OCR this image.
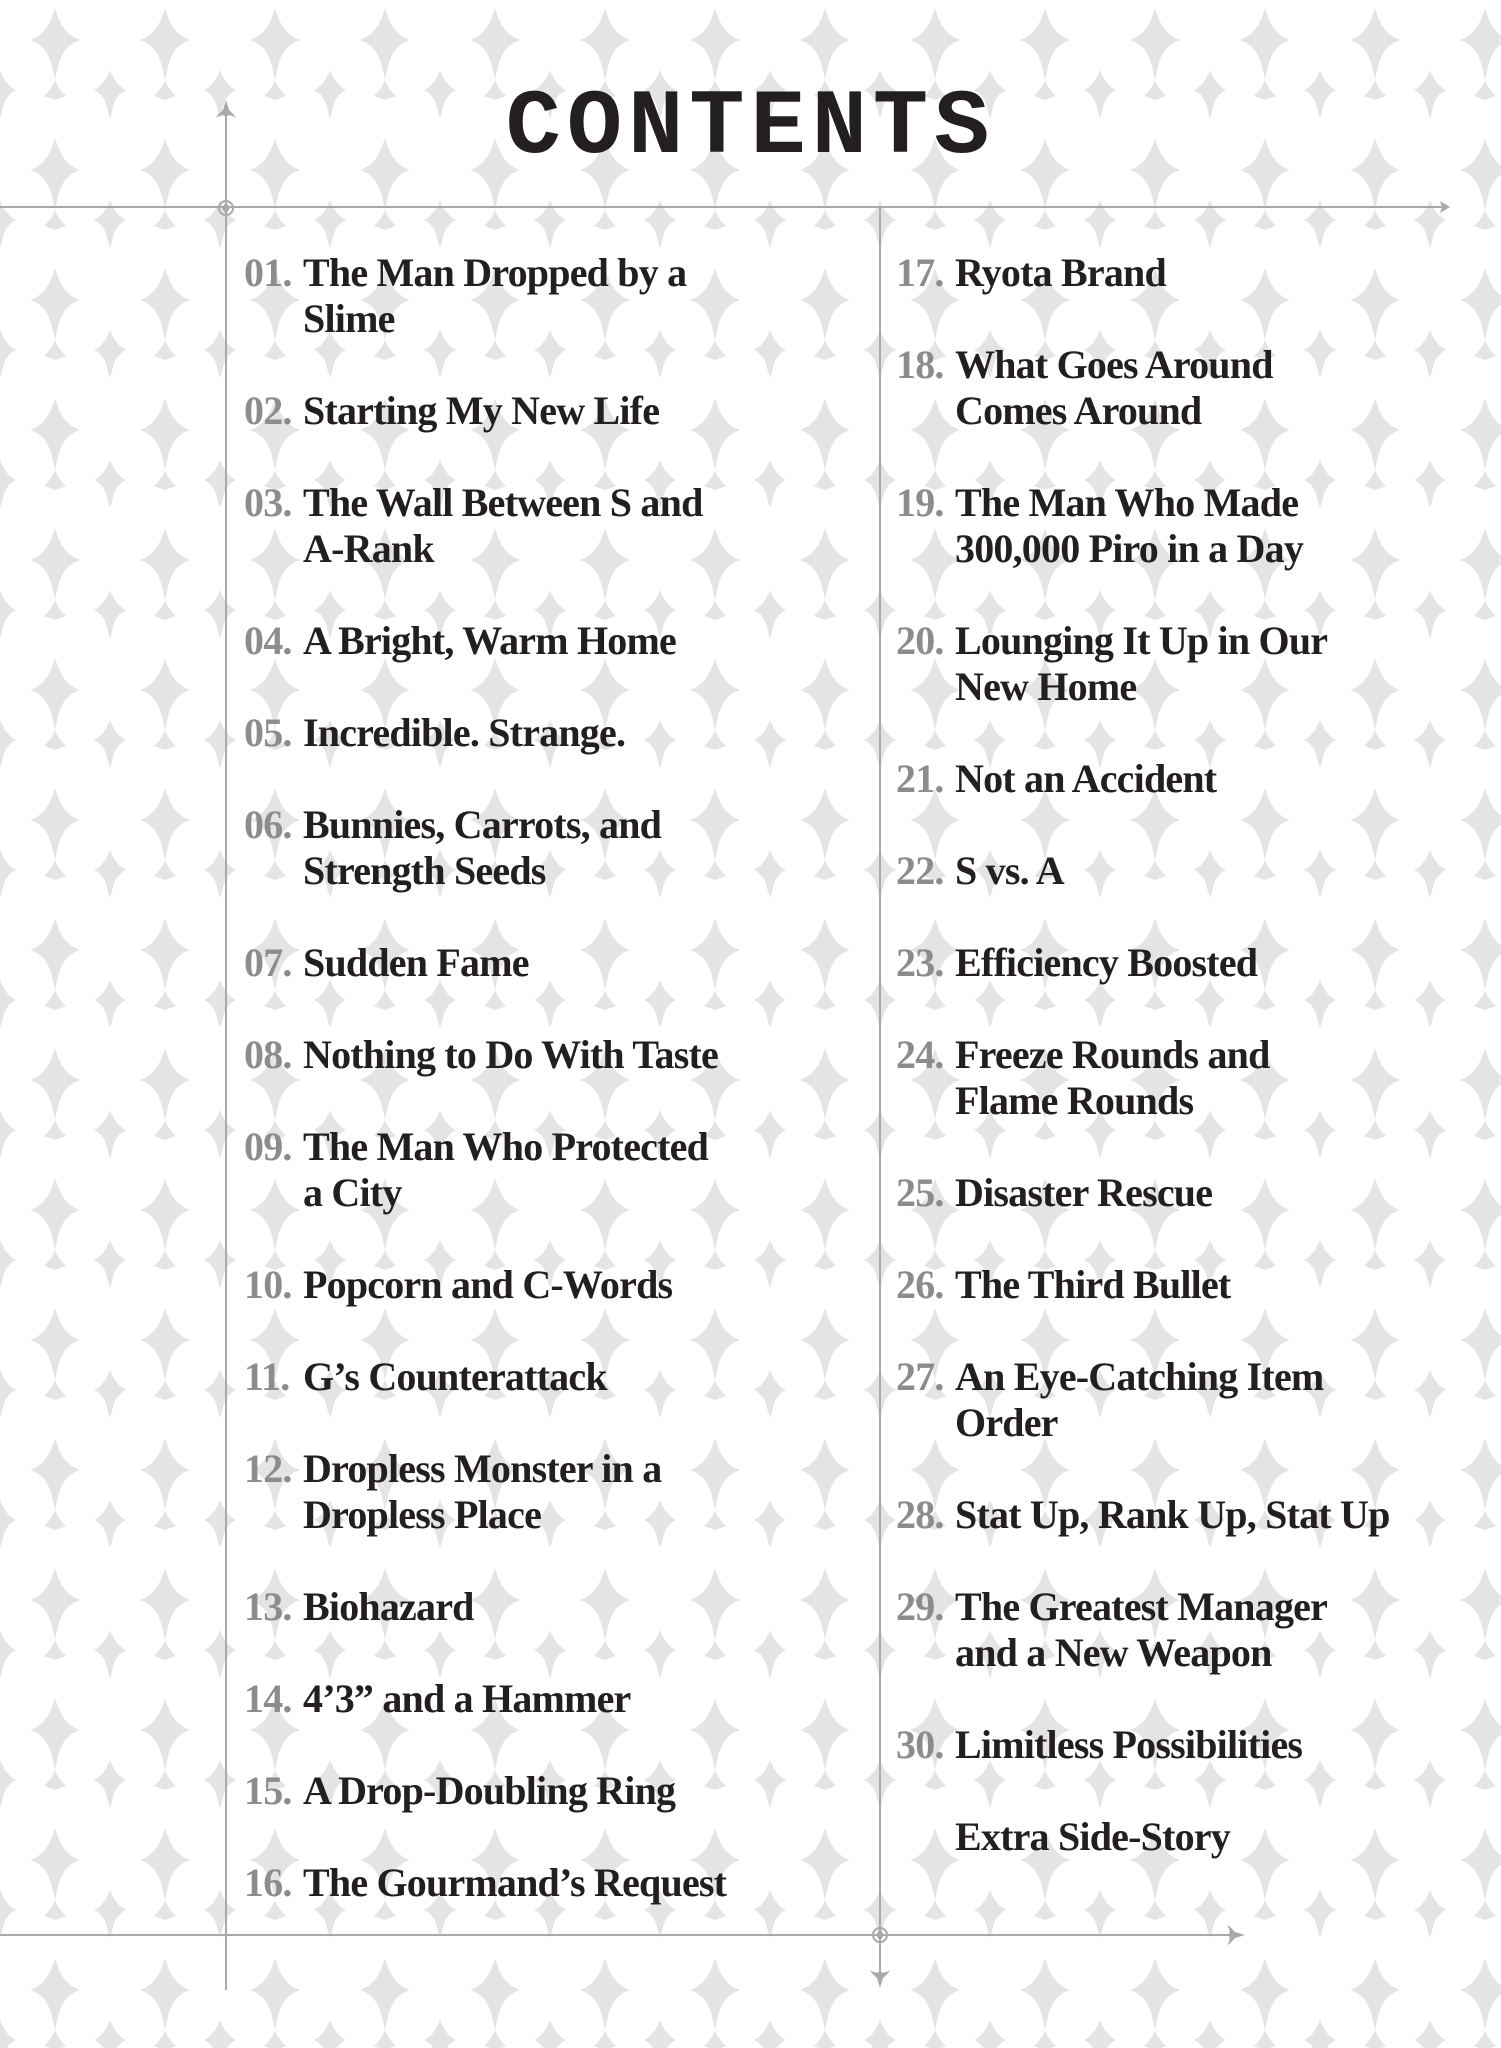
CONTENTS
01. The Man Dropped by a
Slime
02. Starting My New Life
03. The Wall Between S and
A-Rank
04. A Bright, Warm Home
05. Incredible. Strange.
06. Bunnies, Carrots, and
Strength Seeds
07. Sudden Fame
08. Nothing to Do With Taste
09. The Man Who Protected
a City
10. Popcorn and C-Words
11. G’s Counterattack
12. Dropless Monster in a
Dropless Place
13. Biohazard
14. 4’3” and a Hammer
15. A Drop-Doubling Ring
16. The Gourmand’s Request
17. Ryota Brand
18. What Goes Around
Comes Around
19. The Man Who Made
300,000 Piro in a Day
20. Lounging It Up in Our
New Home
21. Not an Accident
22. S vs. A
23. Efficiency Boosted
24. Freeze Rounds and
Flame Rounds
25. Disaster Rescue
26. The Third Bullet
27. An Eye-Catching Item
Order
28. Stat Up, Rank Up, Stat Up
29. The Greatest Manager
and a New Weapon
30. Limitless Possibilities
Extra Side-Story
